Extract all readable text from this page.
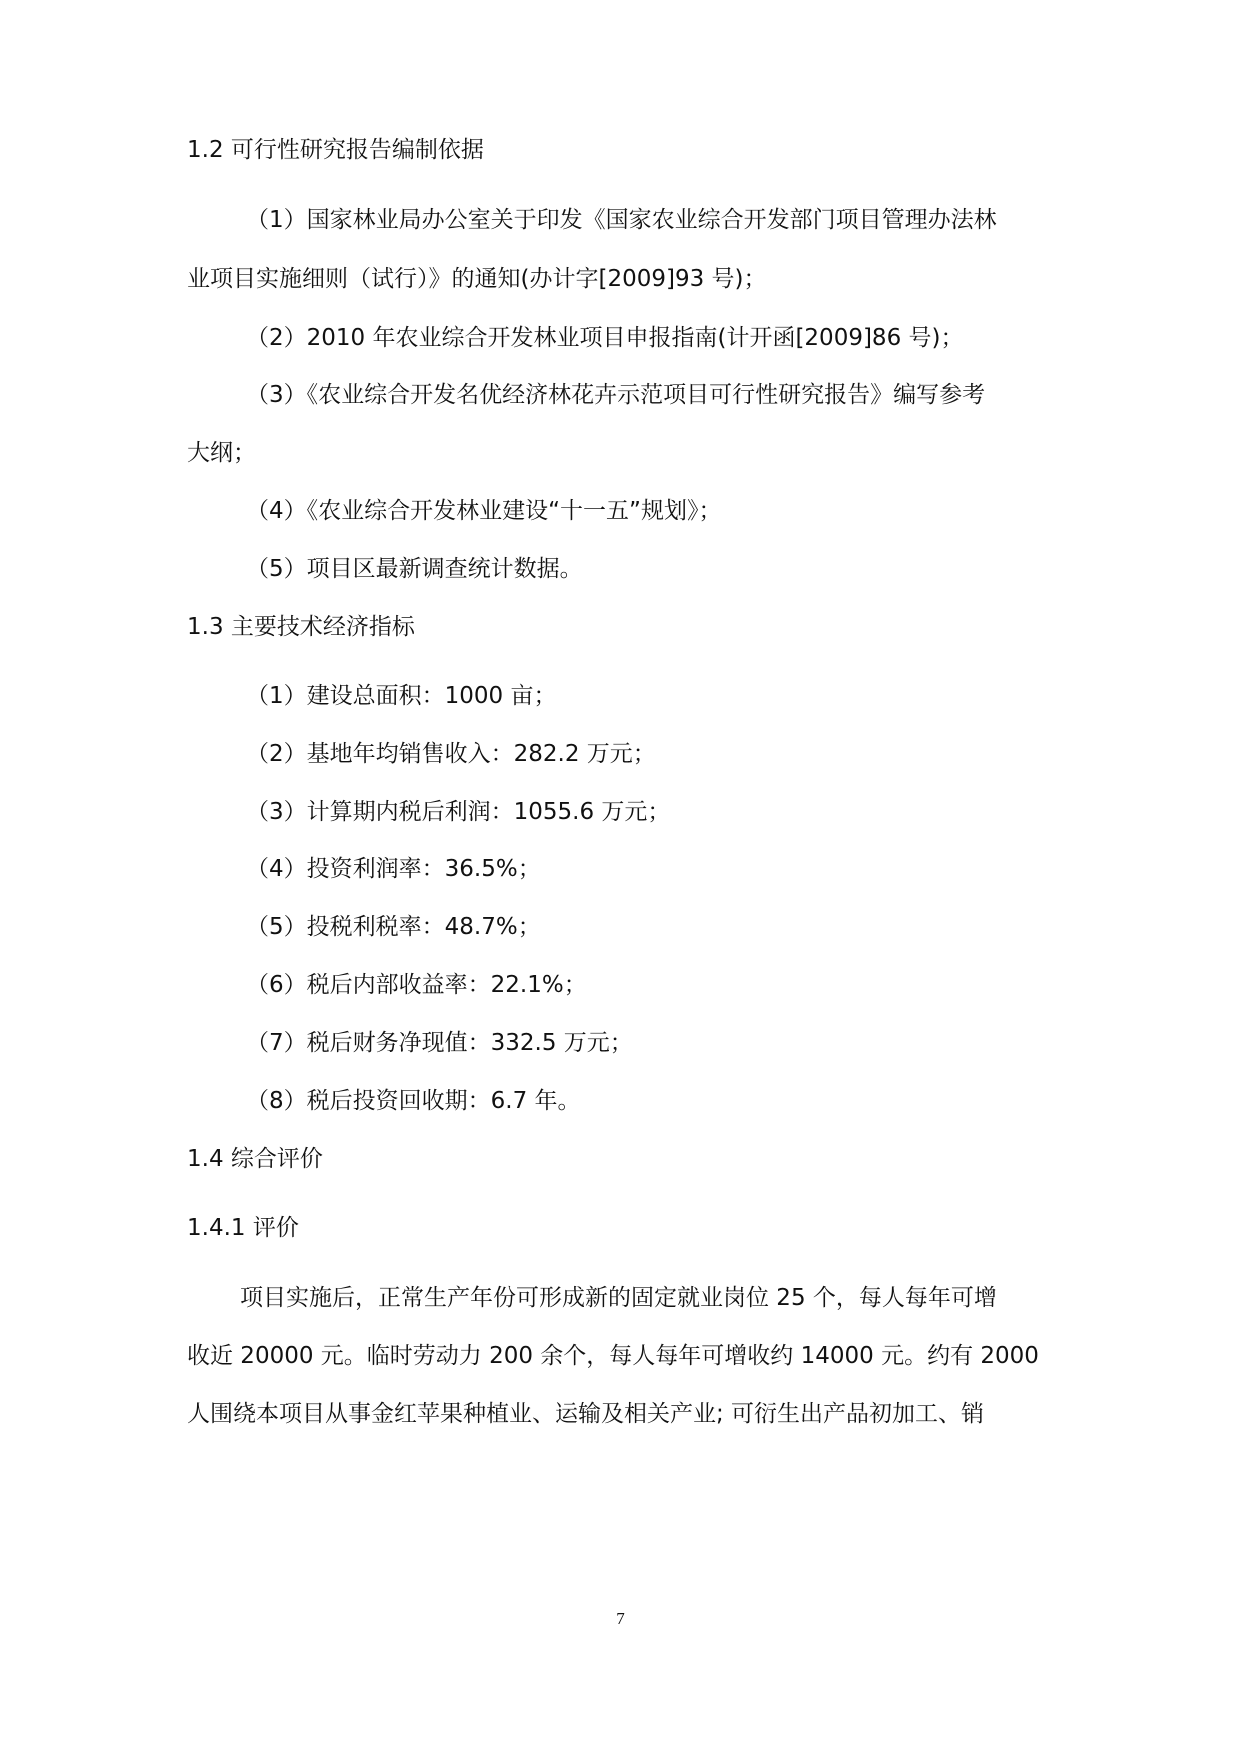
1.2 可行性研究报告编制依据
（1）国家林业局办公室关于印发《国家农业综合开发部门项目管理办法林
业项目实施细则（试行）》的通知(办计字[2009]93 号)；
（2）2010 年农业综合开发林业项目申报指南(计开函[2009]86 号)；
（3）《农业综合开发名优经济林花卉示范项目可行性研究报告》编写参考
大纲；
（4）《农业综合开发林业建设“十一五”规划》；
（5）项目区最新调查统计数据。
1.3 主要技术经济指标
（1）建设总面积：1000 亩；
（2）基地年均销售收入：282.2 万元；
（3）计算期内税后利润：1055.6 万元；
（4）投资利润率：36.5%；
（5）投税利税率：48.7%；
（6）税后内部收益率：22.1%；
（7）税后财务净现值：332.5 万元；
（8）税后投资回收期：6.7 年。
1.4 综合评价
1.4.1 评价
项目实施后，正常生产年份可形成新的固定就业岗位 25 个，每人每年可增
收近 20000 元。临时劳动力 200 余个，每人每年可增收约 14000 元。约有 2000
人围绕本项目从事金红苹果种植业、运输及相关产业; 可衍生出产品初加工、销
7
